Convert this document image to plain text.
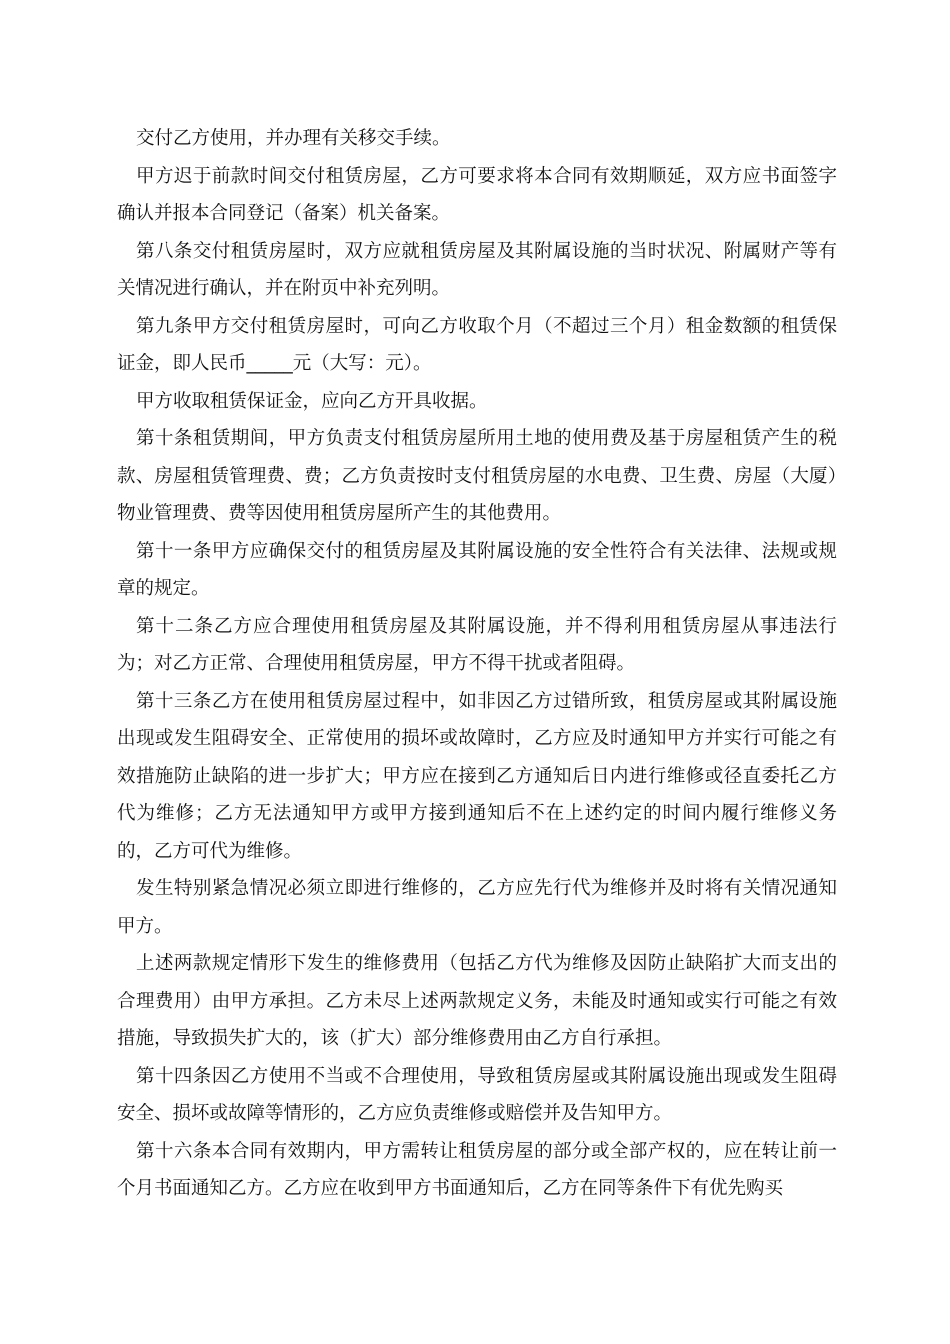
交付乙方使用，并办理有关移交手续。

甲方迟于前款时间交付租赁房屋，乙方可要求将本合同有效期顺延，双方应书面签字确认并报本合同登记（备案）机关备案。

第八条交付租赁房屋时，双方应就租赁房屋及其附属设施的当时状况、附属财产等有关情况进行确认，并在附页中补充列明。

第九条甲方交付租赁房屋时，可向乙方收取个月（不超过三个月）租金数额的租赁保证金，即人民币_____元（大写：元）。

甲方收取租赁保证金，应向乙方开具收据。

第十条租赁期间，甲方负责支付租赁房屋所用土地的使用费及基于房屋租赁产生的税款、房屋租赁管理费、费；乙方负责按时支付租赁房屋的水电费、卫生费、房屋（大厦）物业管理费、费等因使用租赁房屋所产生的其他费用。

第十一条甲方应确保交付的租赁房屋及其附属设施的安全性符合有关法律、法规或规章的规定。

第十二条乙方应合理使用租赁房屋及其附属设施，并不得利用租赁房屋从事违法行为；对乙方正常、合理使用租赁房屋，甲方不得干扰或者阻碍。

第十三条乙方在使用租赁房屋过程中，如非因乙方过错所致，租赁房屋或其附属设施出现或发生阻碍安全、正常使用的损坏或故障时，乙方应及时通知甲方并实行可能之有效措施防止缺陷的进一步扩大；甲方应在接到乙方通知后日内进行维修或径直委托乙方代为维修；乙方无法通知甲方或甲方接到通知后不在上述约定的时间内履行维修义务的，乙方可代为维修。

发生特别紧急情况必须立即进行维修的，乙方应先行代为维修并及时将有关情况通知甲方。

上述两款规定情形下发生的维修费用（包括乙方代为维修及因防止缺陷扩大而支出的合理费用）由甲方承担。乙方未尽上述两款规定义务，未能及时通知或实行可能之有效措施，导致损失扩大的，该（扩大）部分维修费用由乙方自行承担。

第十四条因乙方使用不当或不合理使用，导致租赁房屋或其附属设施出现或发生阻碍安全、损坏或故障等情形的，乙方应负责维修或赔偿并及告知甲方。

第十六条本合同有效期内，甲方需转让租赁房屋的部分或全部产权的，应在转让前一个月书面通知乙方。乙方应在收到甲方书面通知后，乙方在同等条件下有优先购买
